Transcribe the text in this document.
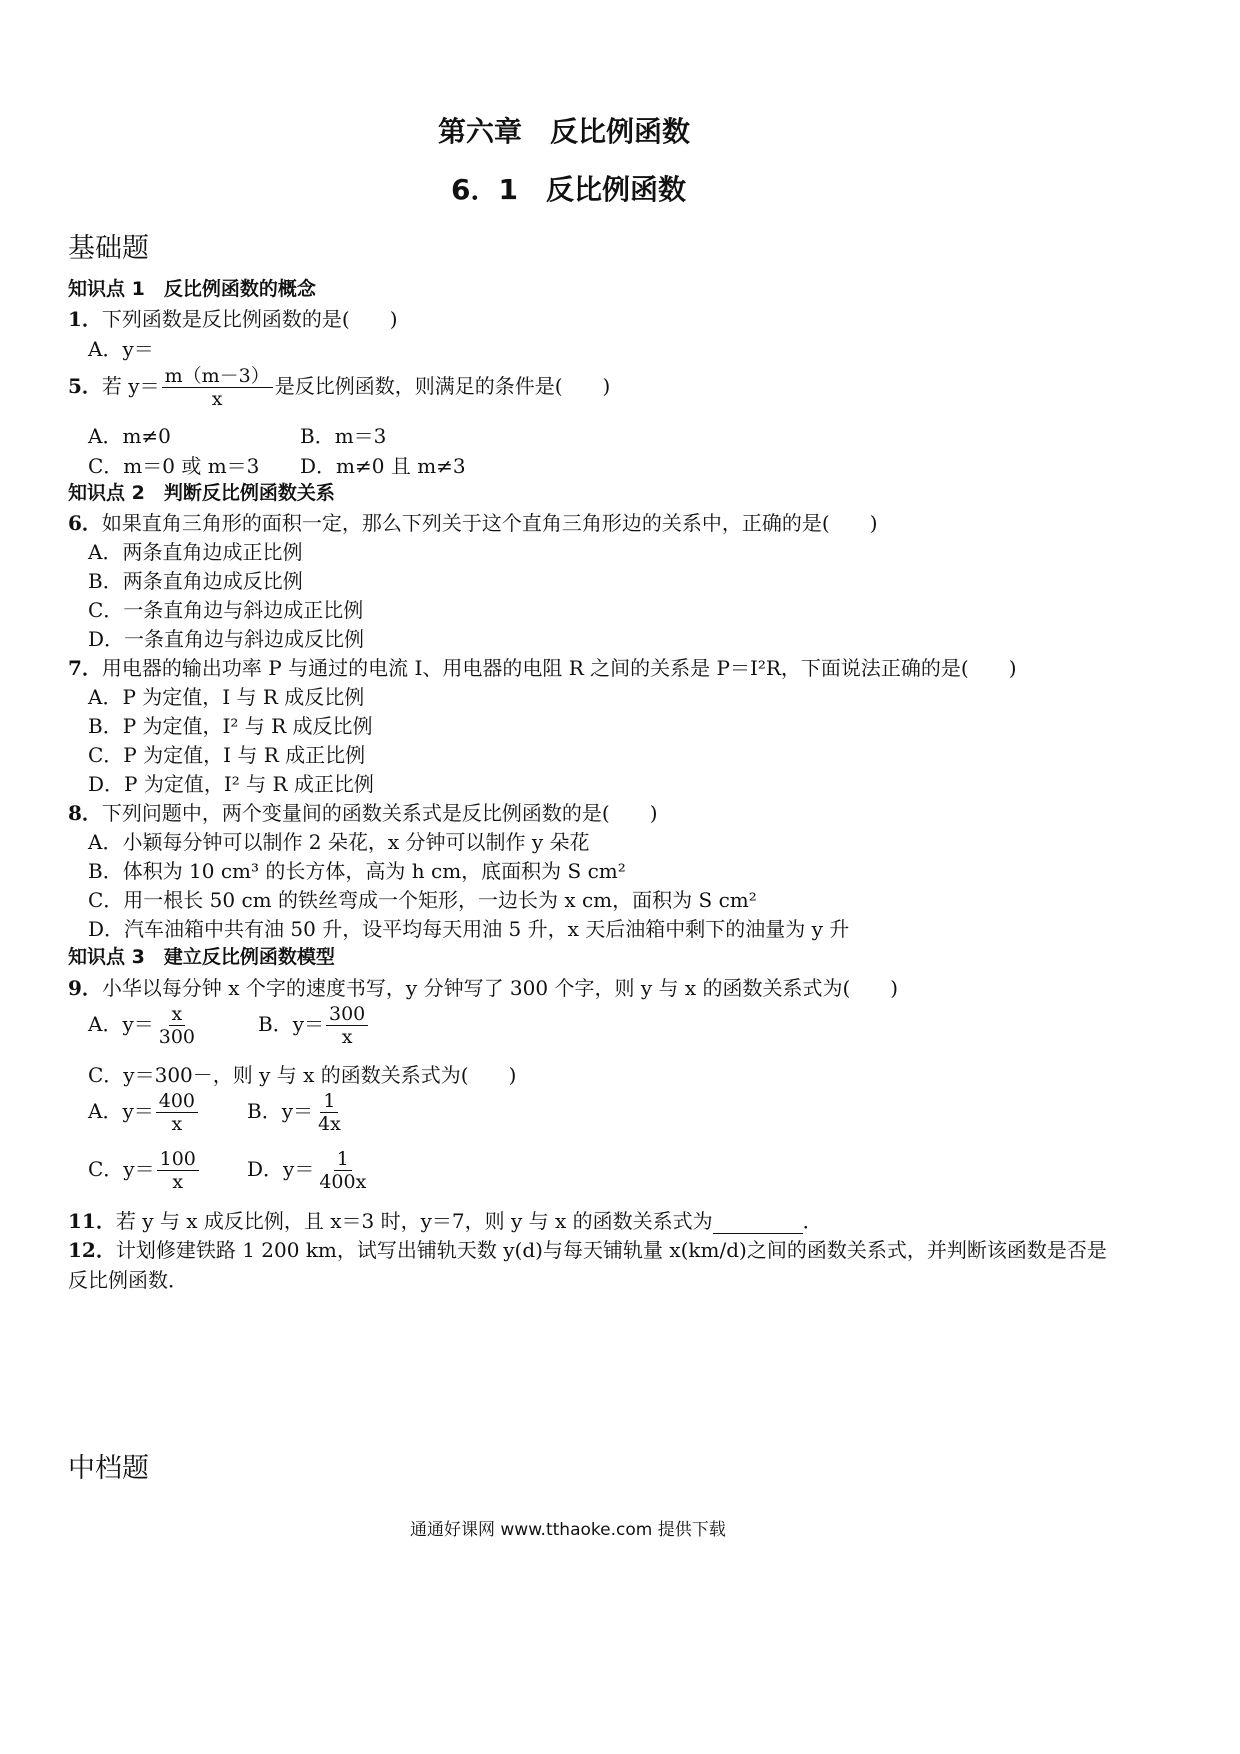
第六章　反比例函数
6．1　反比例函数
基础题
知识点 1　反比例函数的概念
1．下列函数是反比例函数的是(　　)
A．y＝
5．若 $y= \frac{m(m-3)}{x}$ 是反比例函数，则满足的条件是(　　)
A．m≠0	B．m＝3
C．m＝0 或 m＝3 D．m≠0 且 m≠3
知识点 2　判断反比例函数关系
6．如果直角三角形的面积一定，那么下列关于这个直角三角形边的关系中，正确的是(　　)
A．两条直角边成正比例
B．两条直角边成反比例
C．一条直角边与斜边成正比例
D．一条直角边与斜边成反比例
7．用电器的输出功率 P 与通过的电流 I、用电器的电阻 R 之间的关系是 P＝I²R，下面说法正确的是(　　)
A．P 为定值，I 与 R 成反比例
B．P 为定值，I² 与 R 成反比例
C．P 为定值，I 与 R 成正比例
D．P 为定值，I² 与 R 成正比例
8．下列问题中，两个变量间的函数关系式是反比例函数的是(　　)
A．小颖每分钟可以制作 2 朵花，x 分钟可以制作 y 朵花
B．体积为 10 cm³ 的长方体，高为 h cm，底面积为 S cm²
C．用一根长 50 cm 的铁丝弯成一个矩形，一边长为 x cm，面积为 S cm²
D．汽车油箱中共有油 50 升，设平均每天用油 5 升，x 天后油箱中剩下的油量为 y 升
知识点 3　建立反比例函数模型
9．小华以每分钟 x 个字的速度书写，y 分钟写了 300 个字，则 y 与 x 的函数关系式为(　　)
A．$y= \frac{x}{300}$	B．$y= \frac{300}{x}$
C．y＝300－，则 y 与 x 的函数关系式为(　　)
A．$y= \frac{400}{x}$ B．$y= \frac{1}{4x}$
C．$y= \frac{100}{x}$ D．$y= \frac{1}{400x}$
11．若 y 与 x 成反比例，且 x＝3 时，y＝7，则 y 与 x 的函数关系式为	．
12．计划修建铁路 1 200 km，试写出铺轨天数 y(d)与每天铺轨量 x(km/d)之间的函数关系式，并判断该函数是否是
反比例函数．
中档题
通通好课网 www.tthaoke.com 提供下载
